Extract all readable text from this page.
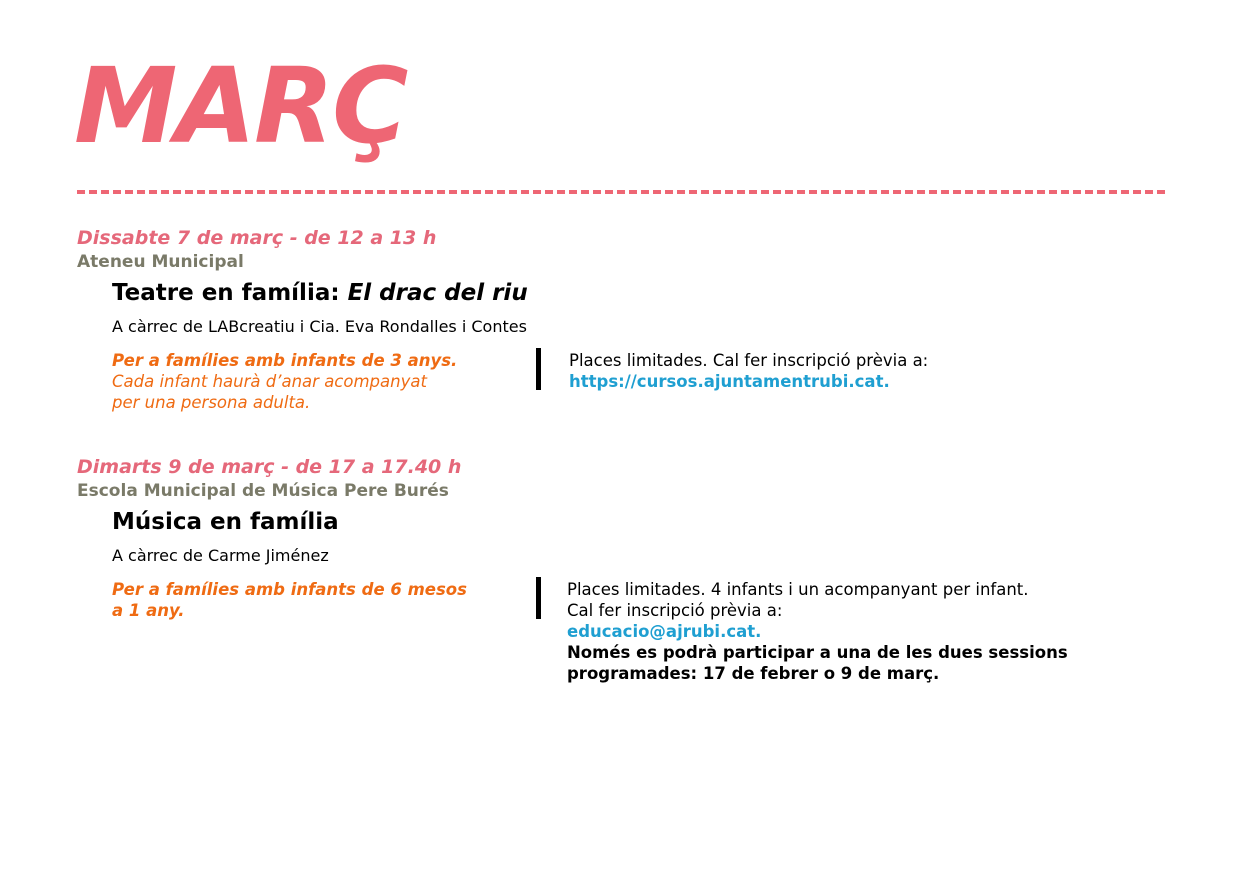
MARÇ

Dissabte 7 de març - de 12 a 13 h

Ateneu Municipal

Teatre en família: El drac del riu

A càrrec de LABcreatiu i Cia. Eva Rondalles i Contes

Per a famílies amb infants de 3 anys.

Cada infant haurà d’anar acompanyat

per una persona adulta.

Places limitades. Cal fer inscripció prèvia a:

https://cursos.ajuntamentrubi.cat.

Dimarts 9 de març - de 17 a 17.40 h

Escola Municipal de Música Pere Burés

Música en família

A càrrec de Carme Jiménez

Per a famílies amb infants de 6 mesos

a 1 any.

Places limitades. 4 infants i un acompanyant per infant.

Cal fer inscripció prèvia a:

educacio@ajrubi.cat.

Només es podrà participar a una de les dues sessions

programades: 17 de febrer o 9 de març.
